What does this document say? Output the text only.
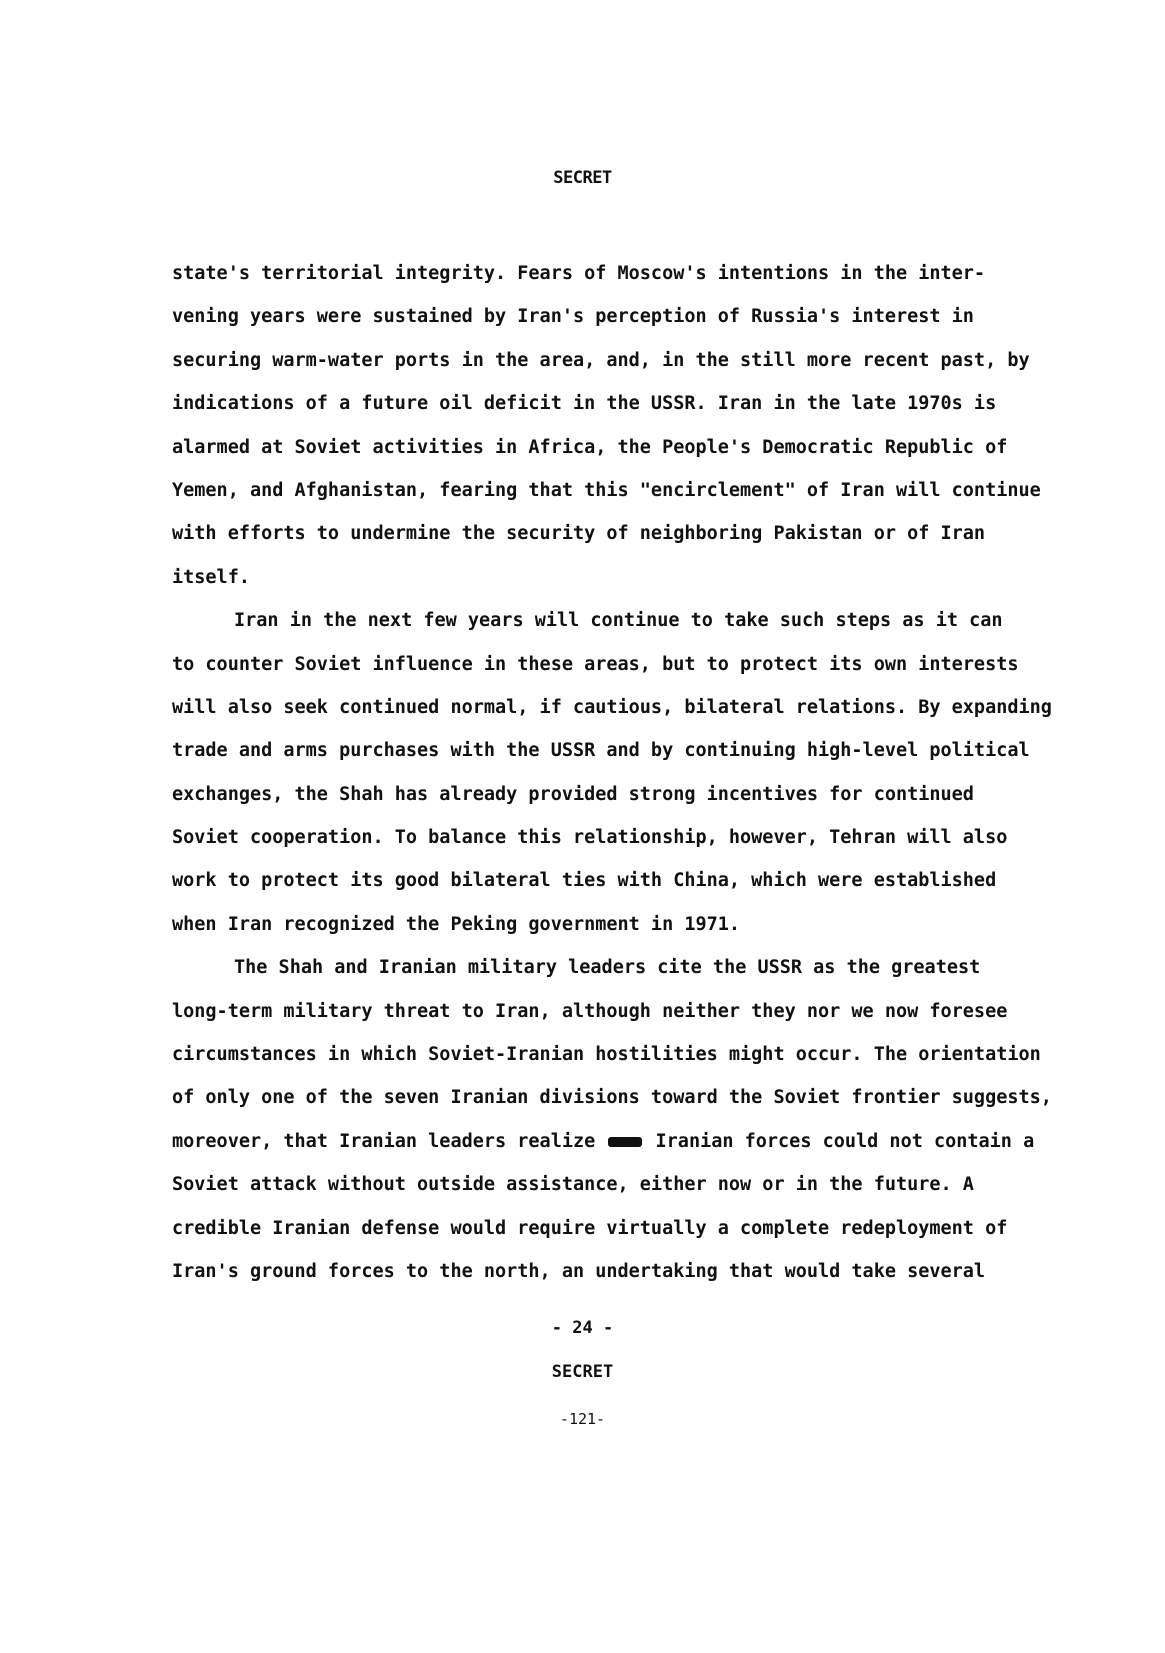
SECRET
state's territorial integrity. Fears of Moscow's intentions in the inter-
vening years were sustained by Iran's perception of Russia's interest in
securing warm-water ports in the area, and, in the still more recent past, by
indications of a future oil deficit in the USSR. Iran in the late 1970s is
alarmed at Soviet activities in Africa, the People's Democratic Republic of
Yemen, and Afghanistan, fearing that this "encirclement" of Iran will continue
with efforts to undermine the security of neighboring Pakistan or of Iran
itself.
Iran in the next few years will continue to take such steps as it can
to counter Soviet influence in these areas, but to protect its own interests
will also seek continued normal, if cautious, bilateral relations. By expanding
trade and arms purchases with the USSR and by continuing high-level political
exchanges, the Shah has already provided strong incentives for continued
Soviet cooperation. To balance this relationship, however, Tehran will also
work to protect its good bilateral ties with China, which were established
when Iran recognized the Peking government in 1971.
The Shah and Iranian military leaders cite the USSR as the greatest
long-term military threat to Iran, although neither they nor we now foresee
circumstances in which Soviet-Iranian hostilities might occur. The orientation
of only one of the seven Iranian divisions toward the Soviet frontier suggests,
moreover, that Iranian leaders realize	Iranian forces could not contain a
Soviet attack without outside assistance, either now or in the future. A
credible Iranian defense would require virtually a complete redeployment of
Iran's ground forces to the north, an undertaking that would take several
- 24 -
SECRET
-121-
